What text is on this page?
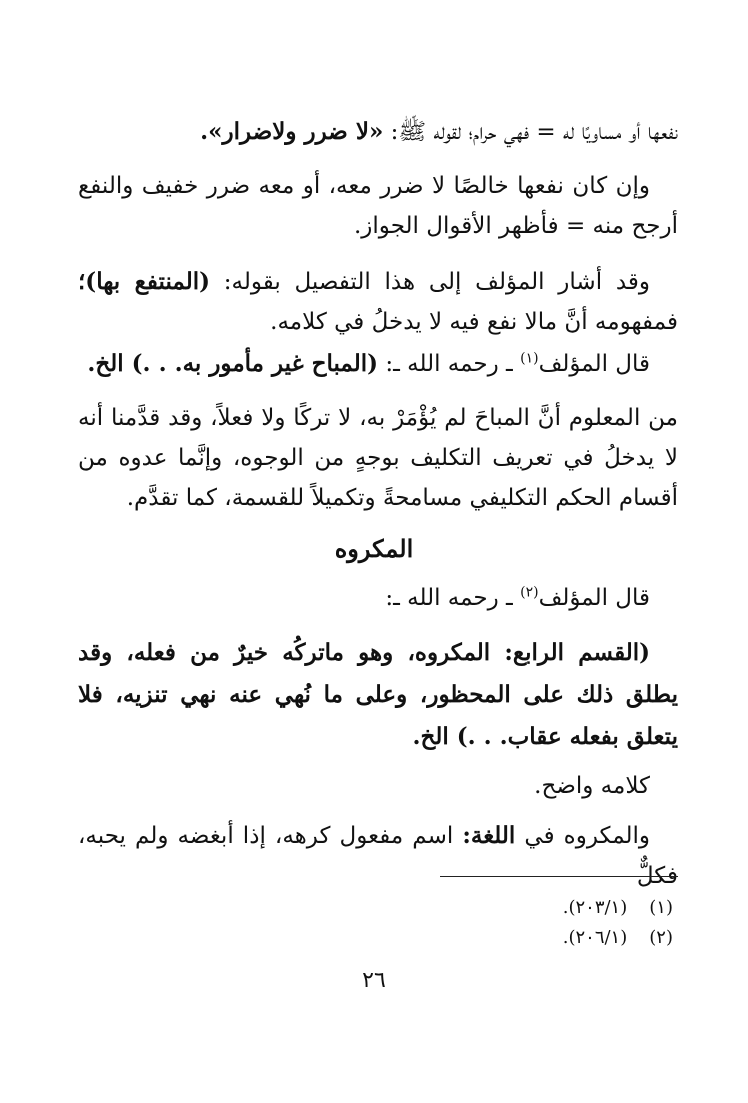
نفعها أو مساويًا له = فهي حرام؛ لقوله ﷺ: «لا ضرر ولاضرار».

وإن كان نفعها خالصًا لا ضرر معه، أو معه ضرر خفيف والنفع أرجح منه = فأظهر الأقوال الجواز.

وقد أشار المؤلف إلى هذا التفصيل بقوله: (المنتفع بها)؛ فمفهومه أنَّ مالا نفع فيه لا يدخلُ في كلامه.

قال المؤلف$^{(١)}$ ـ رحمه الله ـ: (المباح غير مأمور به. . .) الخ.

من المعلوم أنَّ المباحَ لم يُؤْمَرْ به، لا تركًا ولا فعلاً، وقد قدَّمنا أنه لا يدخلُ في تعريف التكليف بوجهٍ من الوجوه، وإنَّما عدوه من أقسام الحكم التكليفي مسامحةً وتكميلاً للقسمة، كما تقدَّم.

المكروه

قال المؤلف$^{(٢)}$ ـ رحمه الله ـ:

(القسم الرابع: المكروه، وهو ماتركُه خيرٌ من فعله، وقد يطلق ذلك على المحظور، وعلى ما نُهي عنه نهي تنزيه، فلا يتعلق بفعله عقاب. . .) الخ.

كلامه واضح.

والمكروه في اللغة: اسم مفعول كرهه، إذا أبغضه ولم يحبه، فكلٌّ

(١) (٢٠٣/١).
(٢) (٢٠٦/١).
٢٦
